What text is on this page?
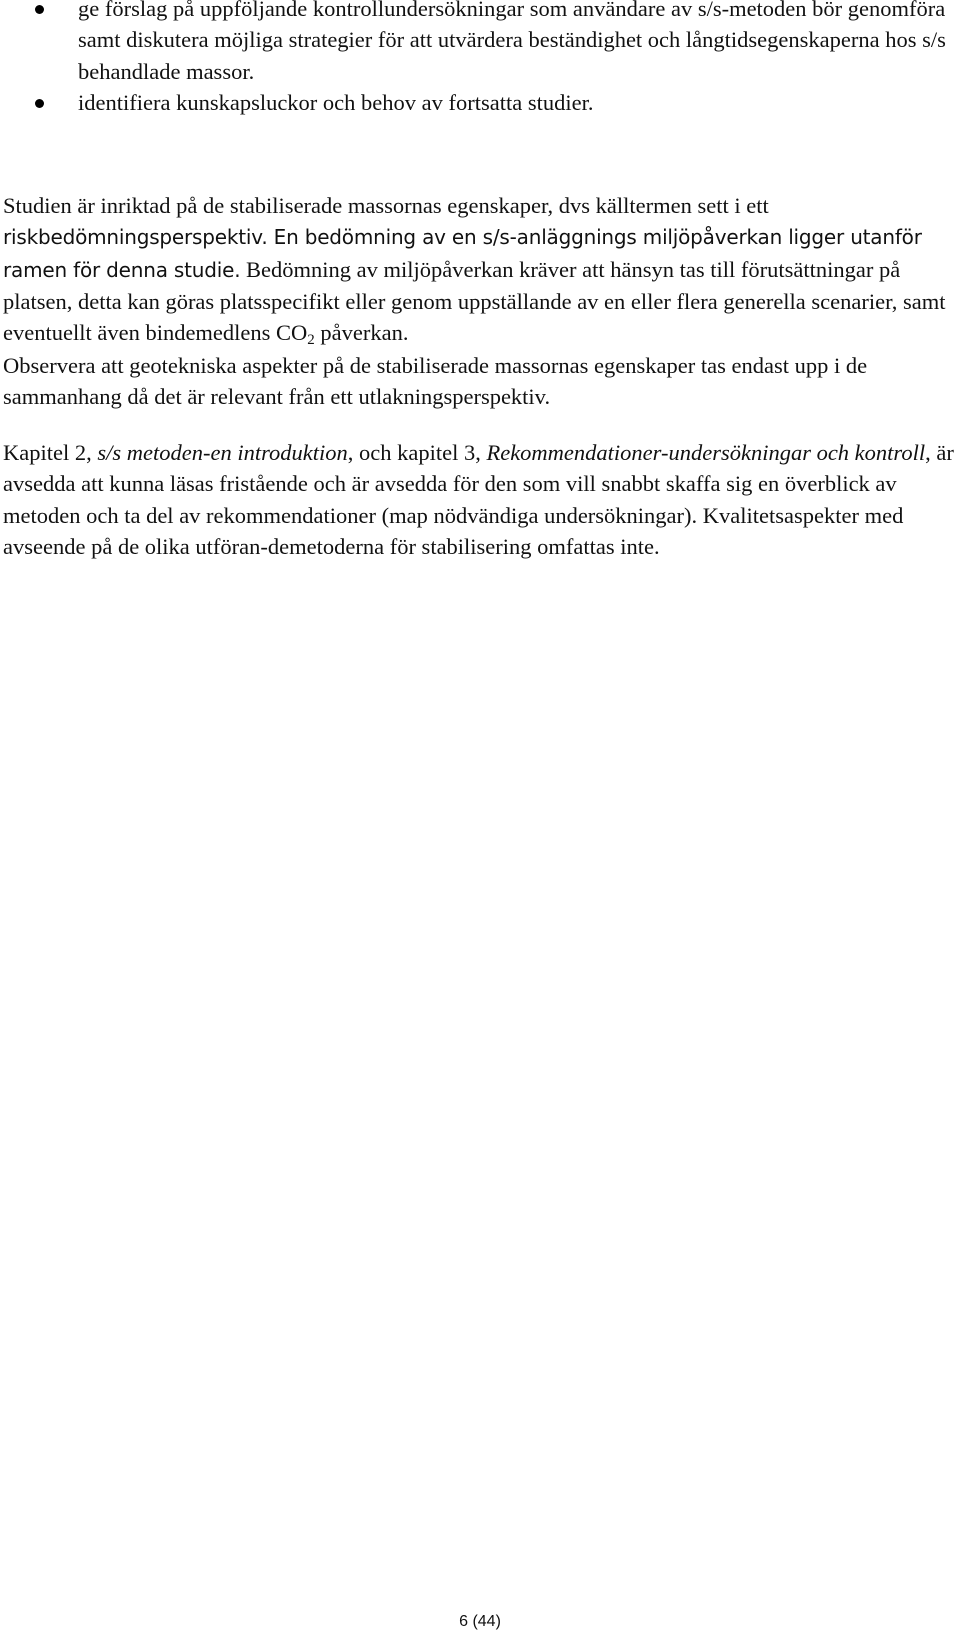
ge förslag på uppföljande kontrollundersökningar som användare av s/s-metoden bör genomföra samt diskutera möjliga strategier för att utvärdera beständighet och långtidsegenskaperna hos s/s behandlade massor.
identifiera kunskapsluckor och behov av fortsatta studier.

Studien är inriktad på de stabiliserade massornas egenskaper, dvs källtermen sett i ett riskbedömningsperspektiv. En bedömning av en s/s-anläggnings miljöpåverkan ligger utanför ramen för denna studie. Bedömning av miljöpåverkan kräver att hänsyn tas till förutsättningar på platsen, detta kan göras platsspecifikt eller genom uppställande av en eller flera generella scenarier, samt eventuellt även bindemedlens $CO_2$ påverkan.

Observera att geotekniska aspekter på de stabiliserade massornas egenskaper tas endast upp i de sammanhang då det är relevant från ett utlakningsperspektiv.

Kapitel 2, s/s metoden-en introduktion, och kapitel 3, Rekommendationer-undersökningar och kontroll, är avsedda att kunna läsas fristående och är avsedda för den som vill snabbt skaffa sig en överblick av metoden och ta del av rekommendationer (map nödvändiga undersökningar). Kvalitetsaspekter med avseende på de olika utföran-demetoderna för stabilisering omfattas inte.

6 (44)
